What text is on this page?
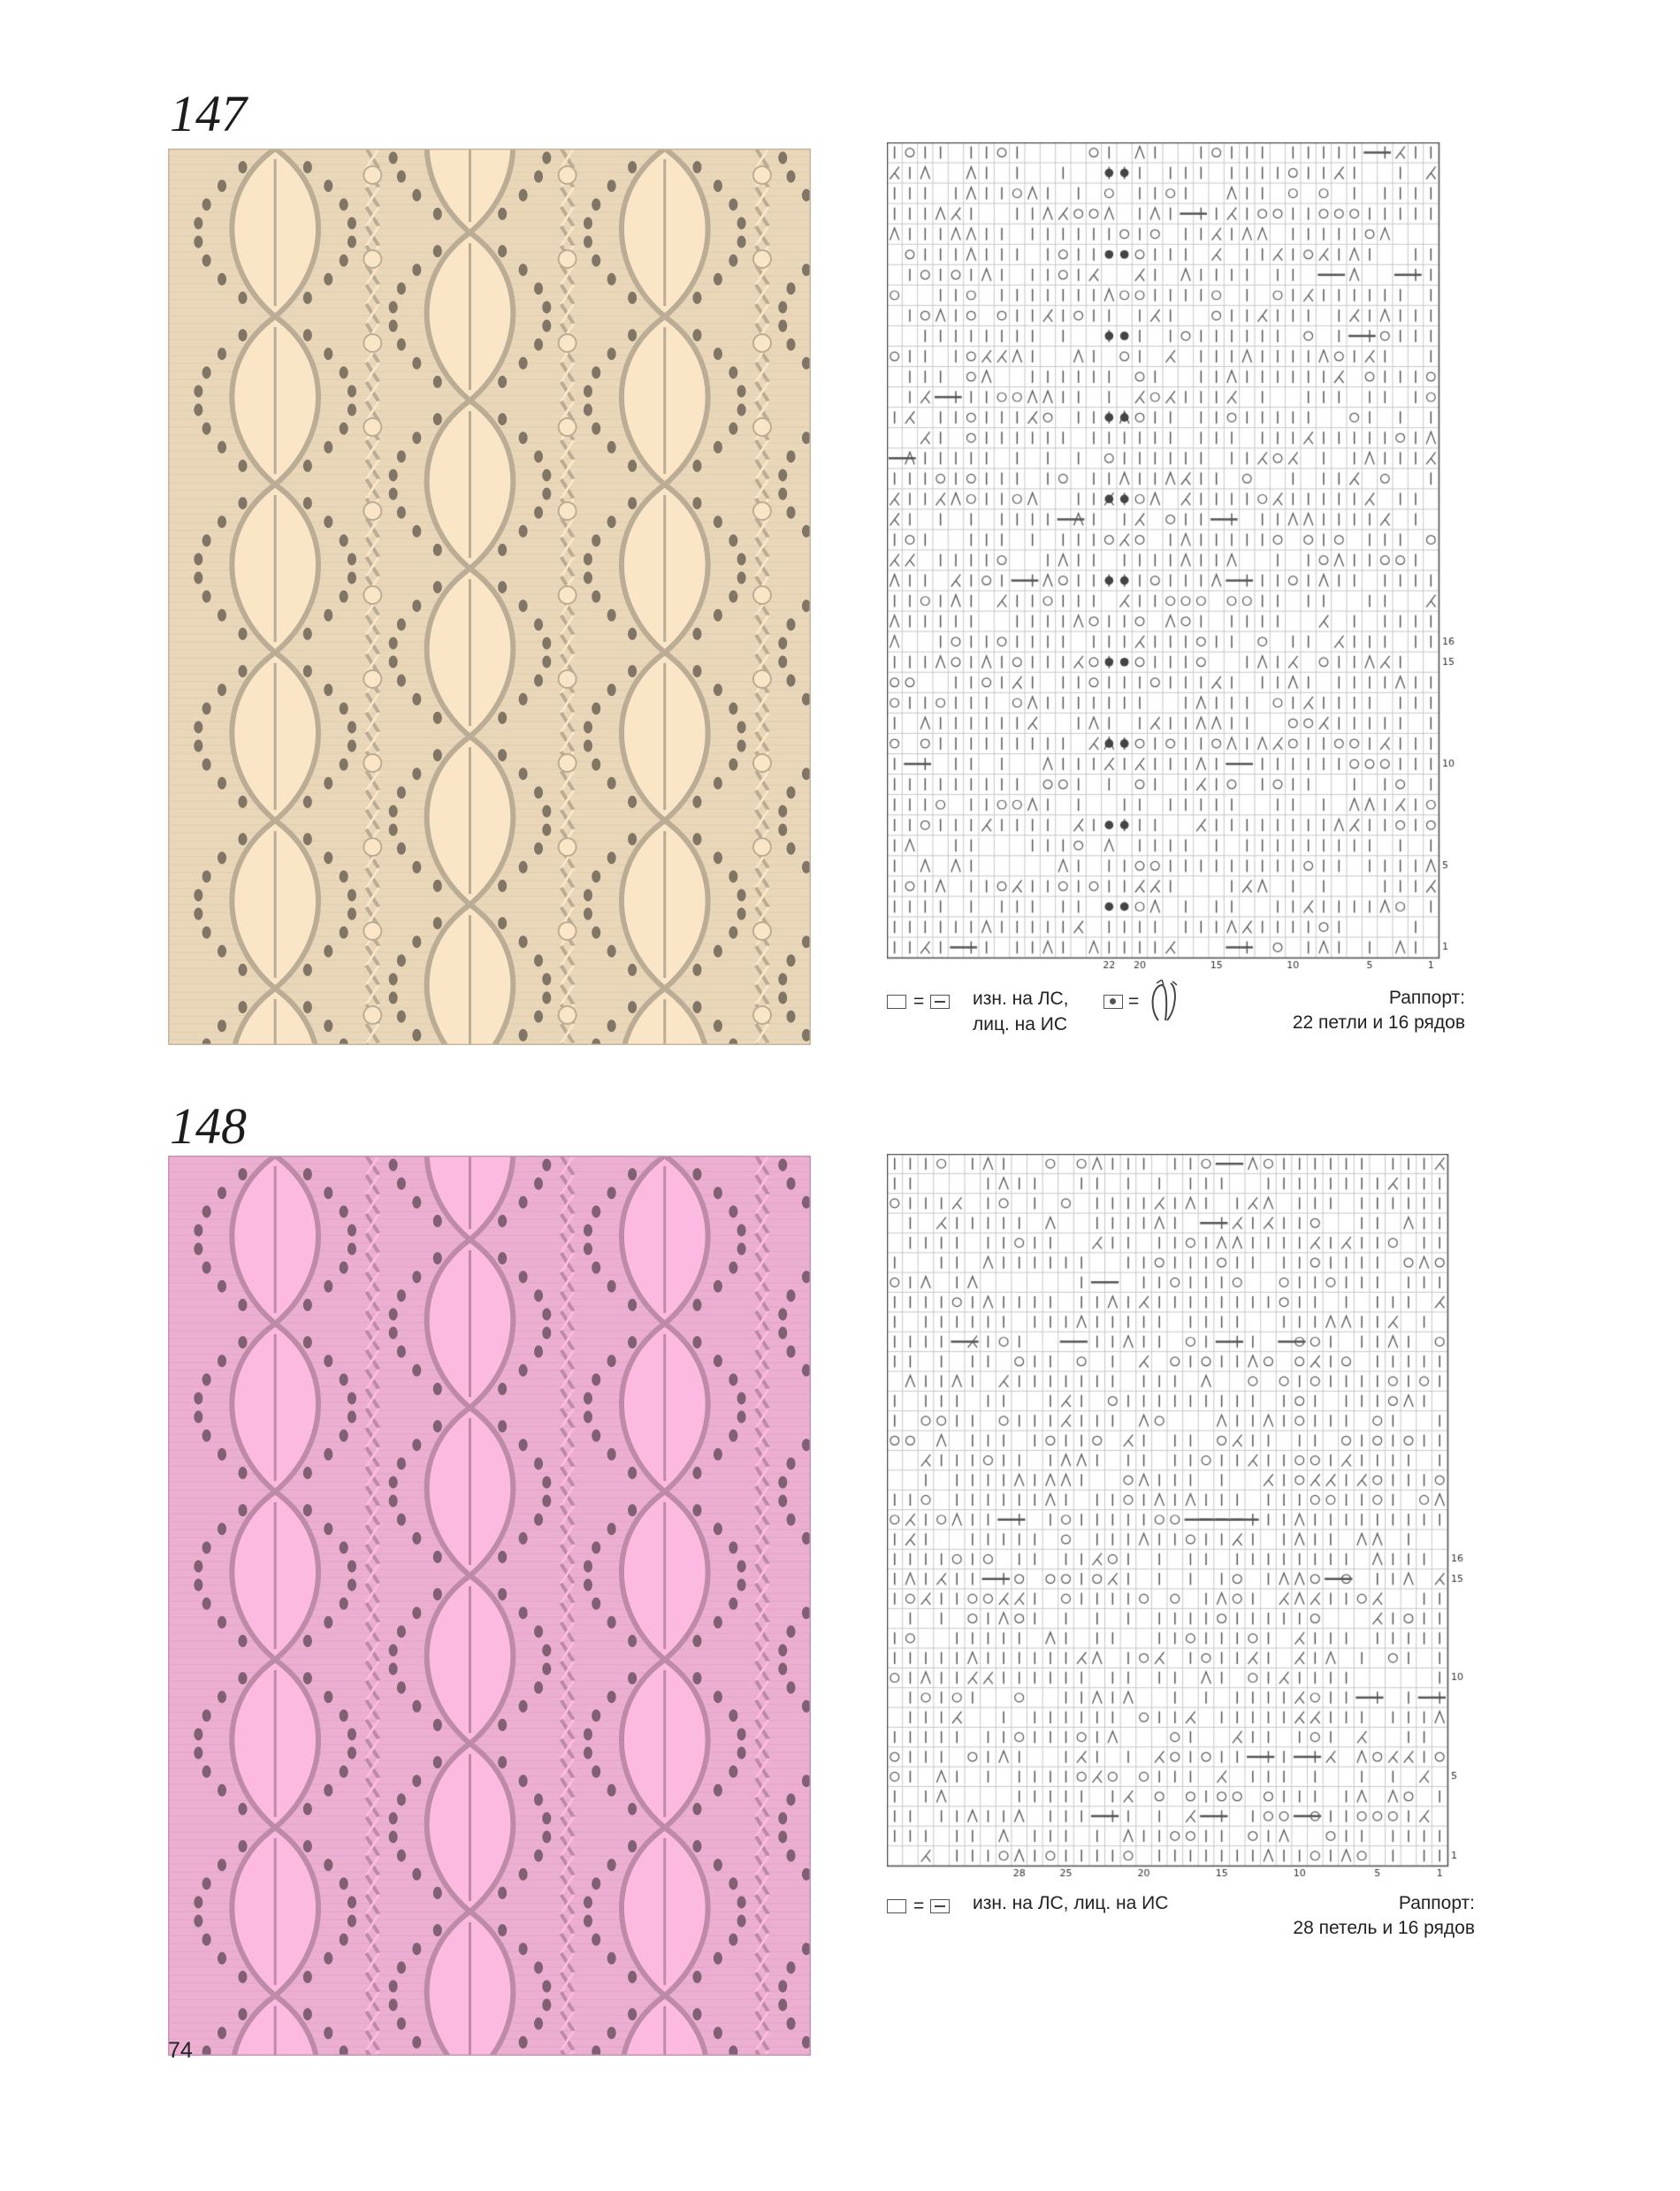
147
=	изн. на ЛС,
лиц. на ИС
=	Раппорт:
22 петли и 16 рядов
148
=	изн. на ЛС, лиц. на ИС	Раппорт:
28 петель и 16 рядов
74
